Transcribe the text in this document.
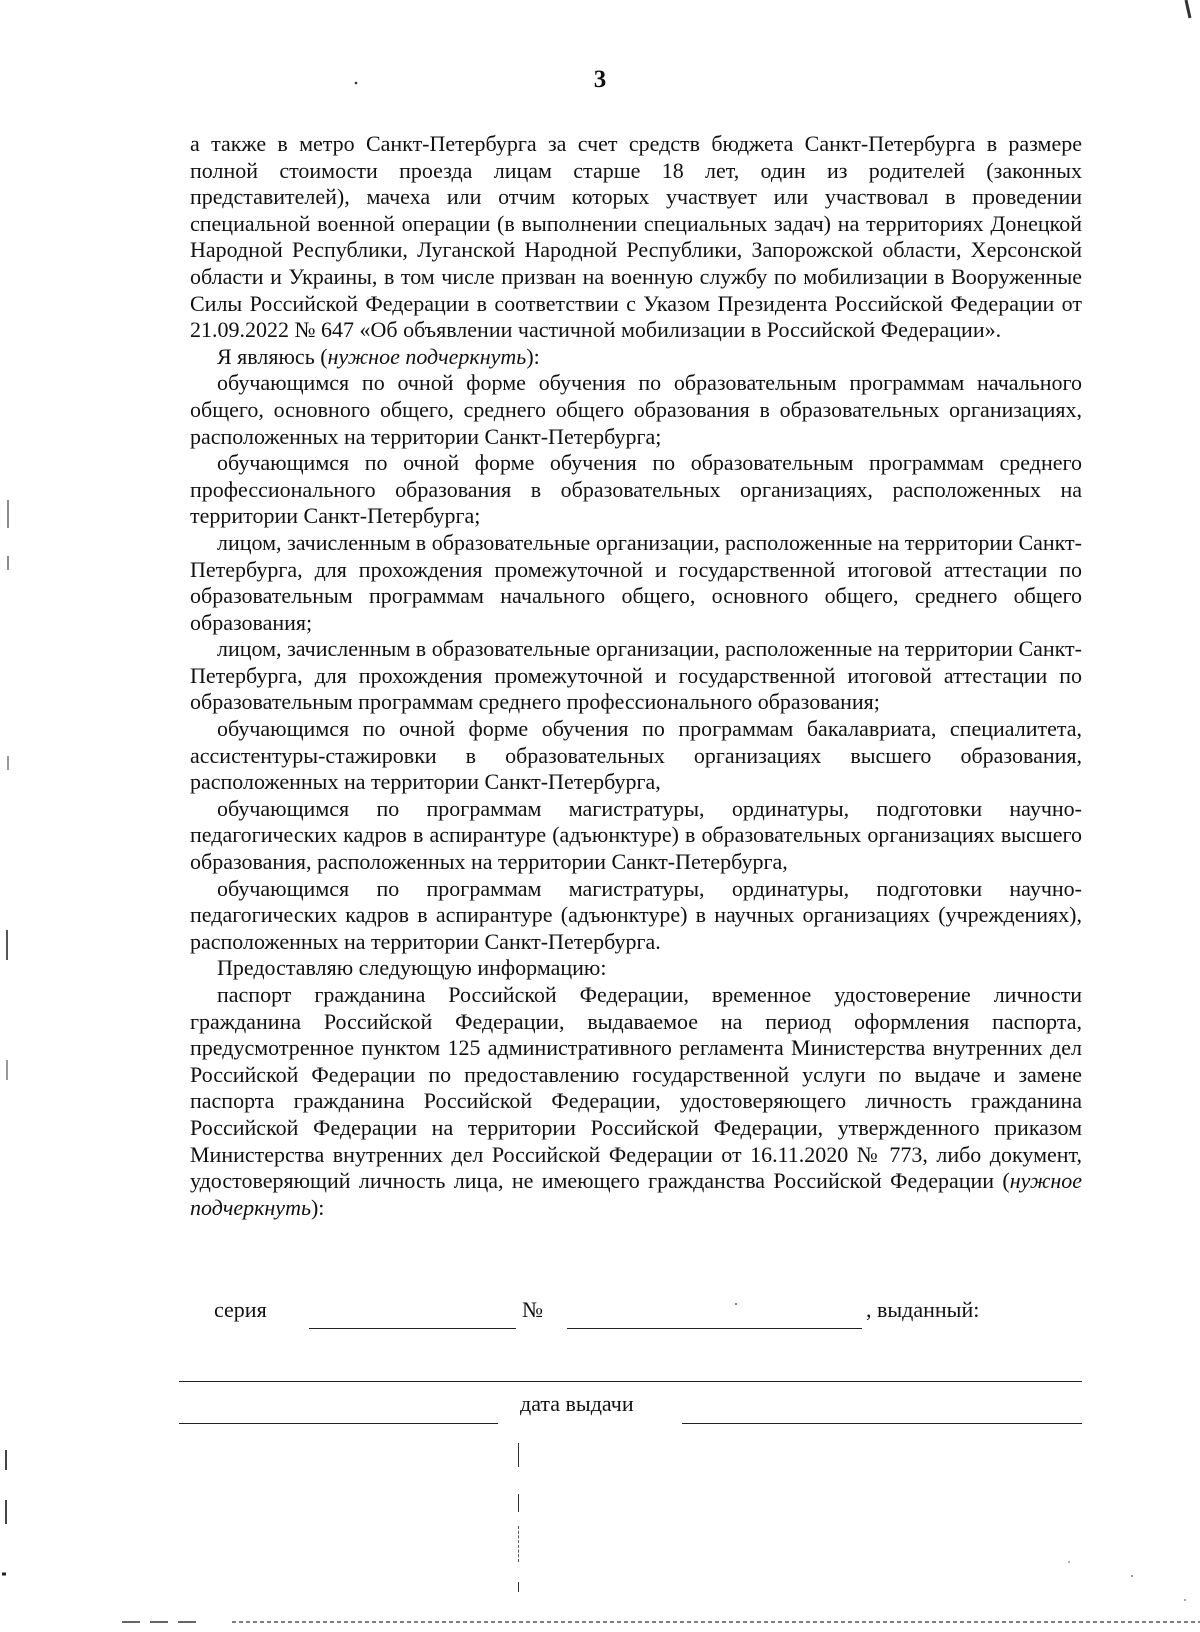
3

а также в метро Санкт-Петербурга за счет средств бюджета Санкт-Петербурга в размере полной стоимости проезда лицам старше 18 лет, один из родителей (законных представителей), мачеха или отчим которых участвует или участвовал в проведении специальной военной операции (в выполнении специальных задач) на территориях Донецкой Народной Республики, Луганской Народной Республики, Запорожской области, Херсонской области и Украины, в том числе призван на военную службу по мобилизации в Вооруженные Силы Российской Федерации в соответствии с Указом Президента Российской Федерации от 21.09.2022 № 647 «Об объявлении частичной мобилизации в Российской Федерации».

Я являюсь (нужное подчеркнуть):

обучающимся по очной форме обучения по образовательным программам начального общего, основного общего, среднего общего образования в образовательных организациях, расположенных на территории Санкт-Петербурга;

обучающимся по очной форме обучения по образовательным программам среднего профессионального образования в образовательных организациях, расположенных на территории Санкт-Петербурга;

лицом, зачисленным в образовательные организации, расположенные на территории Санкт-Петербурга, для прохождения промежуточной и государственной итоговой аттестации по образовательным программам начального общего, основного общего, среднего общего образования;

лицом, зачисленным в образовательные организации, расположенные на территории Санкт-Петербурга, для прохождения промежуточной и государственной итоговой аттестации по образовательным программам среднего профессионального образования;

обучающимся по очной форме обучения по программам бакалавриата, специалитета, ассистентуры-стажировки в образовательных организациях высшего образования, расположенных на территории Санкт-Петербурга,

обучающимся по программам магистратуры, ординатуры, подготовки научно-педагогических кадров в аспирантуре (адъюнктуре) в образовательных организациях высшего образования, расположенных на территории Санкт-Петербурга,

обучающимся по программам магистратуры, ординатуры, подготовки научно-педагогических кадров в аспирантуре (адъюнктуре) в научных организациях (учреждениях), расположенных на территории Санкт-Петербурга.

Предоставляю следующую информацию:

паспорт гражданина Российской Федерации, временное удостоверение личности гражданина Российской Федерации, выдаваемое на период оформления паспорта, предусмотренное пунктом 125 административного регламента Министерства внутренних дел Российской Федерации по предоставлению государственной услуги по выдаче и замене паспорта гражданина Российской Федерации, удостоверяющего личность гражданина Российской Федерации на территории Российской Федерации, утвержденного приказом Министерства внутренних дел Российской Федерации от 16.11.2020 № 773, либо документ, удостоверяющий личность лица, не имеющего гражданства Российской Федерации (нужное подчеркнуть):

серия	№	, выданный:
дата выдачи
